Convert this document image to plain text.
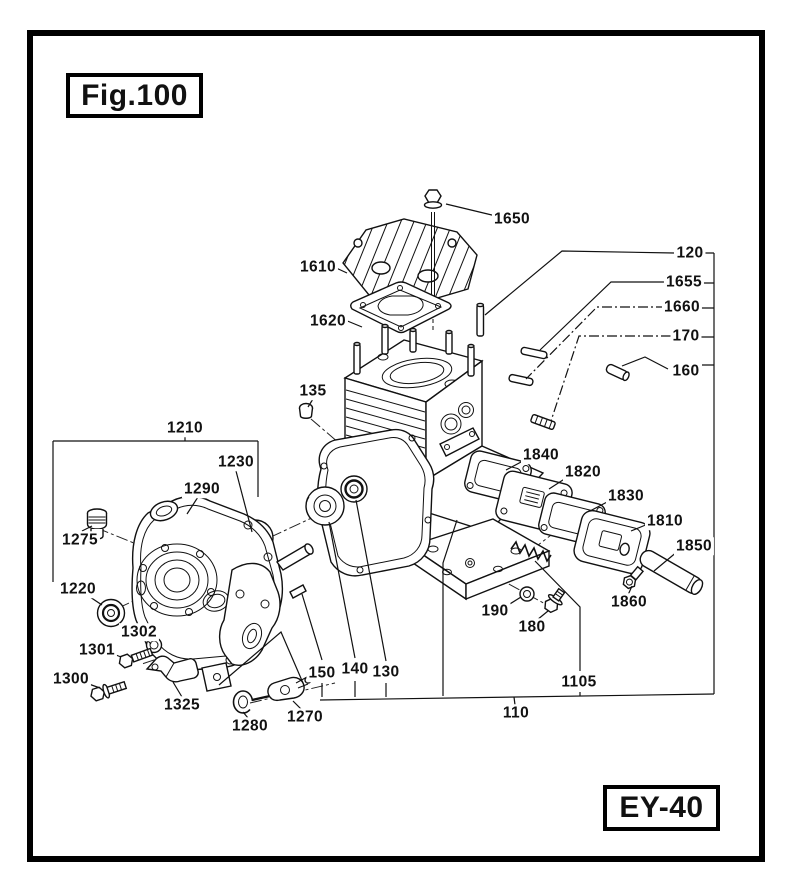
Fig.100
1650
120
1655
1660
170
160
1610
1620
135
1210
1230
1290
1840
1820
1830
1810
1275	1850
1220
1860
190
180
1302
1301
1300	150 140 130
1105
1325
1280
1270	110
EY-40
